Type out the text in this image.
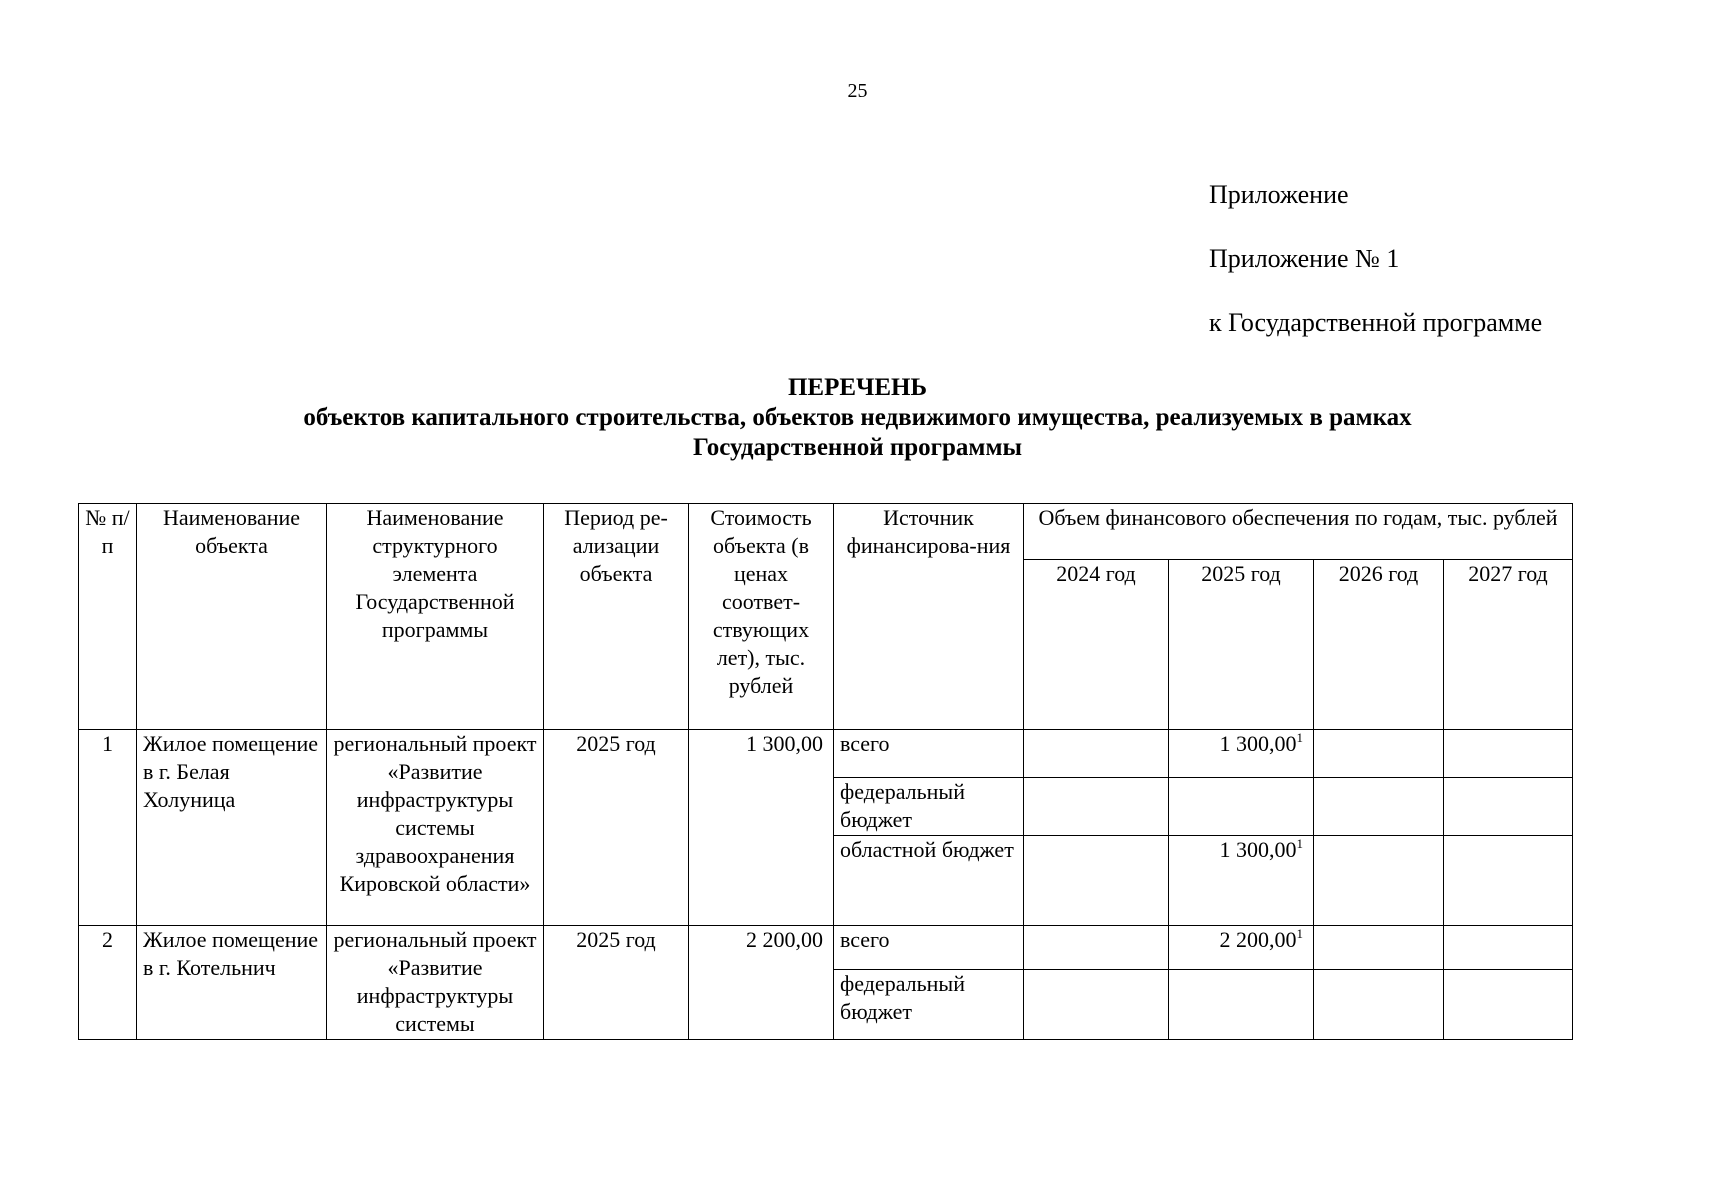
25
Приложение
Приложение № 1
к Государственной программе
ПЕРЕЧЕНЬ
объектов капитального строительства, объектов недвижимого имущества, реализуемых в рамках
Государственной программы
№ п/п	Наименование объекта	Наименование структурного элемента Государственной программы	Период ре-ализации объекта	Стоимость объекта (в ценах соответ-ствующих лет), тыс. рублей	Источник финансирова-ния	Объем финансового обеспечения по годам, тыс. рублей			
						2024 год	2025 год	2026 год	2027 год
1	Жилое помещение в г. Белая Холуница	региональный проект «Развитие инфраструктуры системы здравоохранения Кировской области»	2025 год	1 300,00	всего		1 300,00$^1$		
					федеральный бюджет				
					областной бюджет		1 300,00$^1$		
2	Жилое помещение в г. Котельнич	региональный проект «Развитие инфраструктуры системы	2025 год	2 200,00	всего		2 200,00$^1$		
					федеральный бюджет				
